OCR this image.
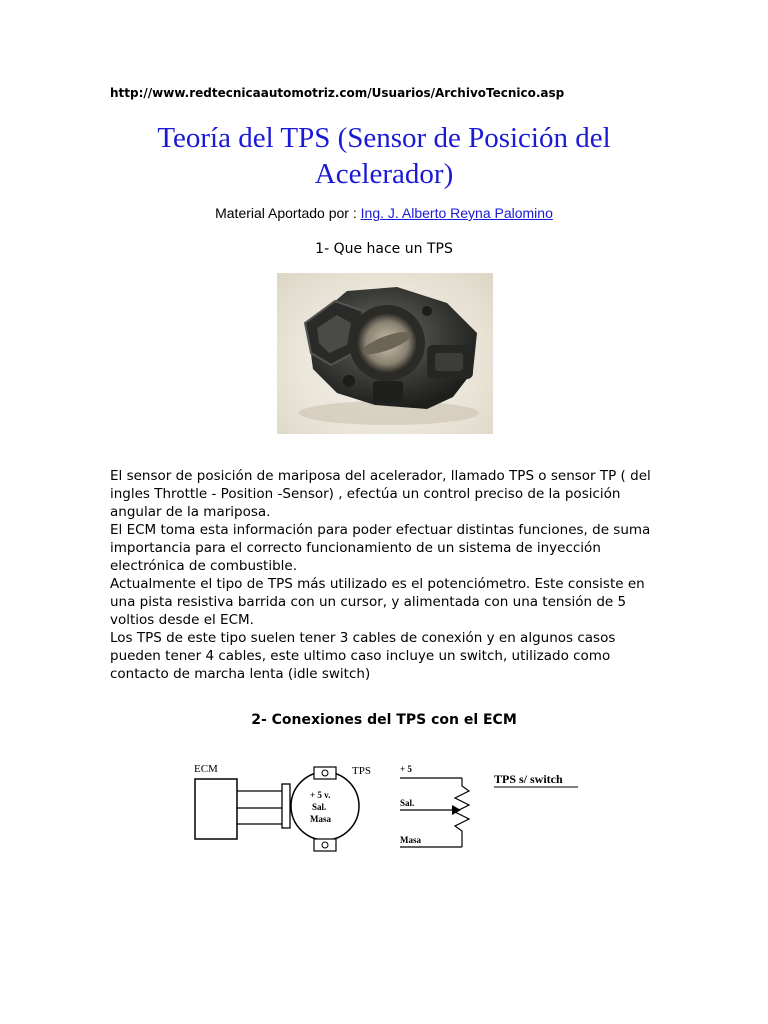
http://www.redtecnicaautomotriz.com/Usuarios/ArchivoTecnico.asp
Teoría del TPS (Sensor de Posición del
Acelerador)
Material Aportado por : Ing. J. Alberto Reyna Palomino
1- Que hace un TPS

El sensor de posición de mariposa del acelerador, llamado TPS o sensor TP ( del

ingles Throttle - Position -Sensor) , efectúa un control preciso de la posición

angular de la mariposa.

El ECM toma esta información para poder efectuar distintas funciones, de suma

importancia para el correcto funcionamiento de un sistema de inyección

electrónica de combustible.

Actualmente el tipo de TPS más utilizado es el potenciómetro. Este consiste en

una pista resistiva barrida con un cursor, y alimentada con una tensión de 5

voltios desde el ECM.

Los TPS de este tipo suelen tener 3 cables de conexión y en algunos casos

pueden tener 4 cables, este ultimo caso incluye un switch, utilizado como

contacto de marcha lenta (idle switch)

2- Conexiones del TPS con el ECM
ECM	TPS
+ 5 v.
Sal.
Masa
+ 5
Sal.
Masa
TPS s/ switch
